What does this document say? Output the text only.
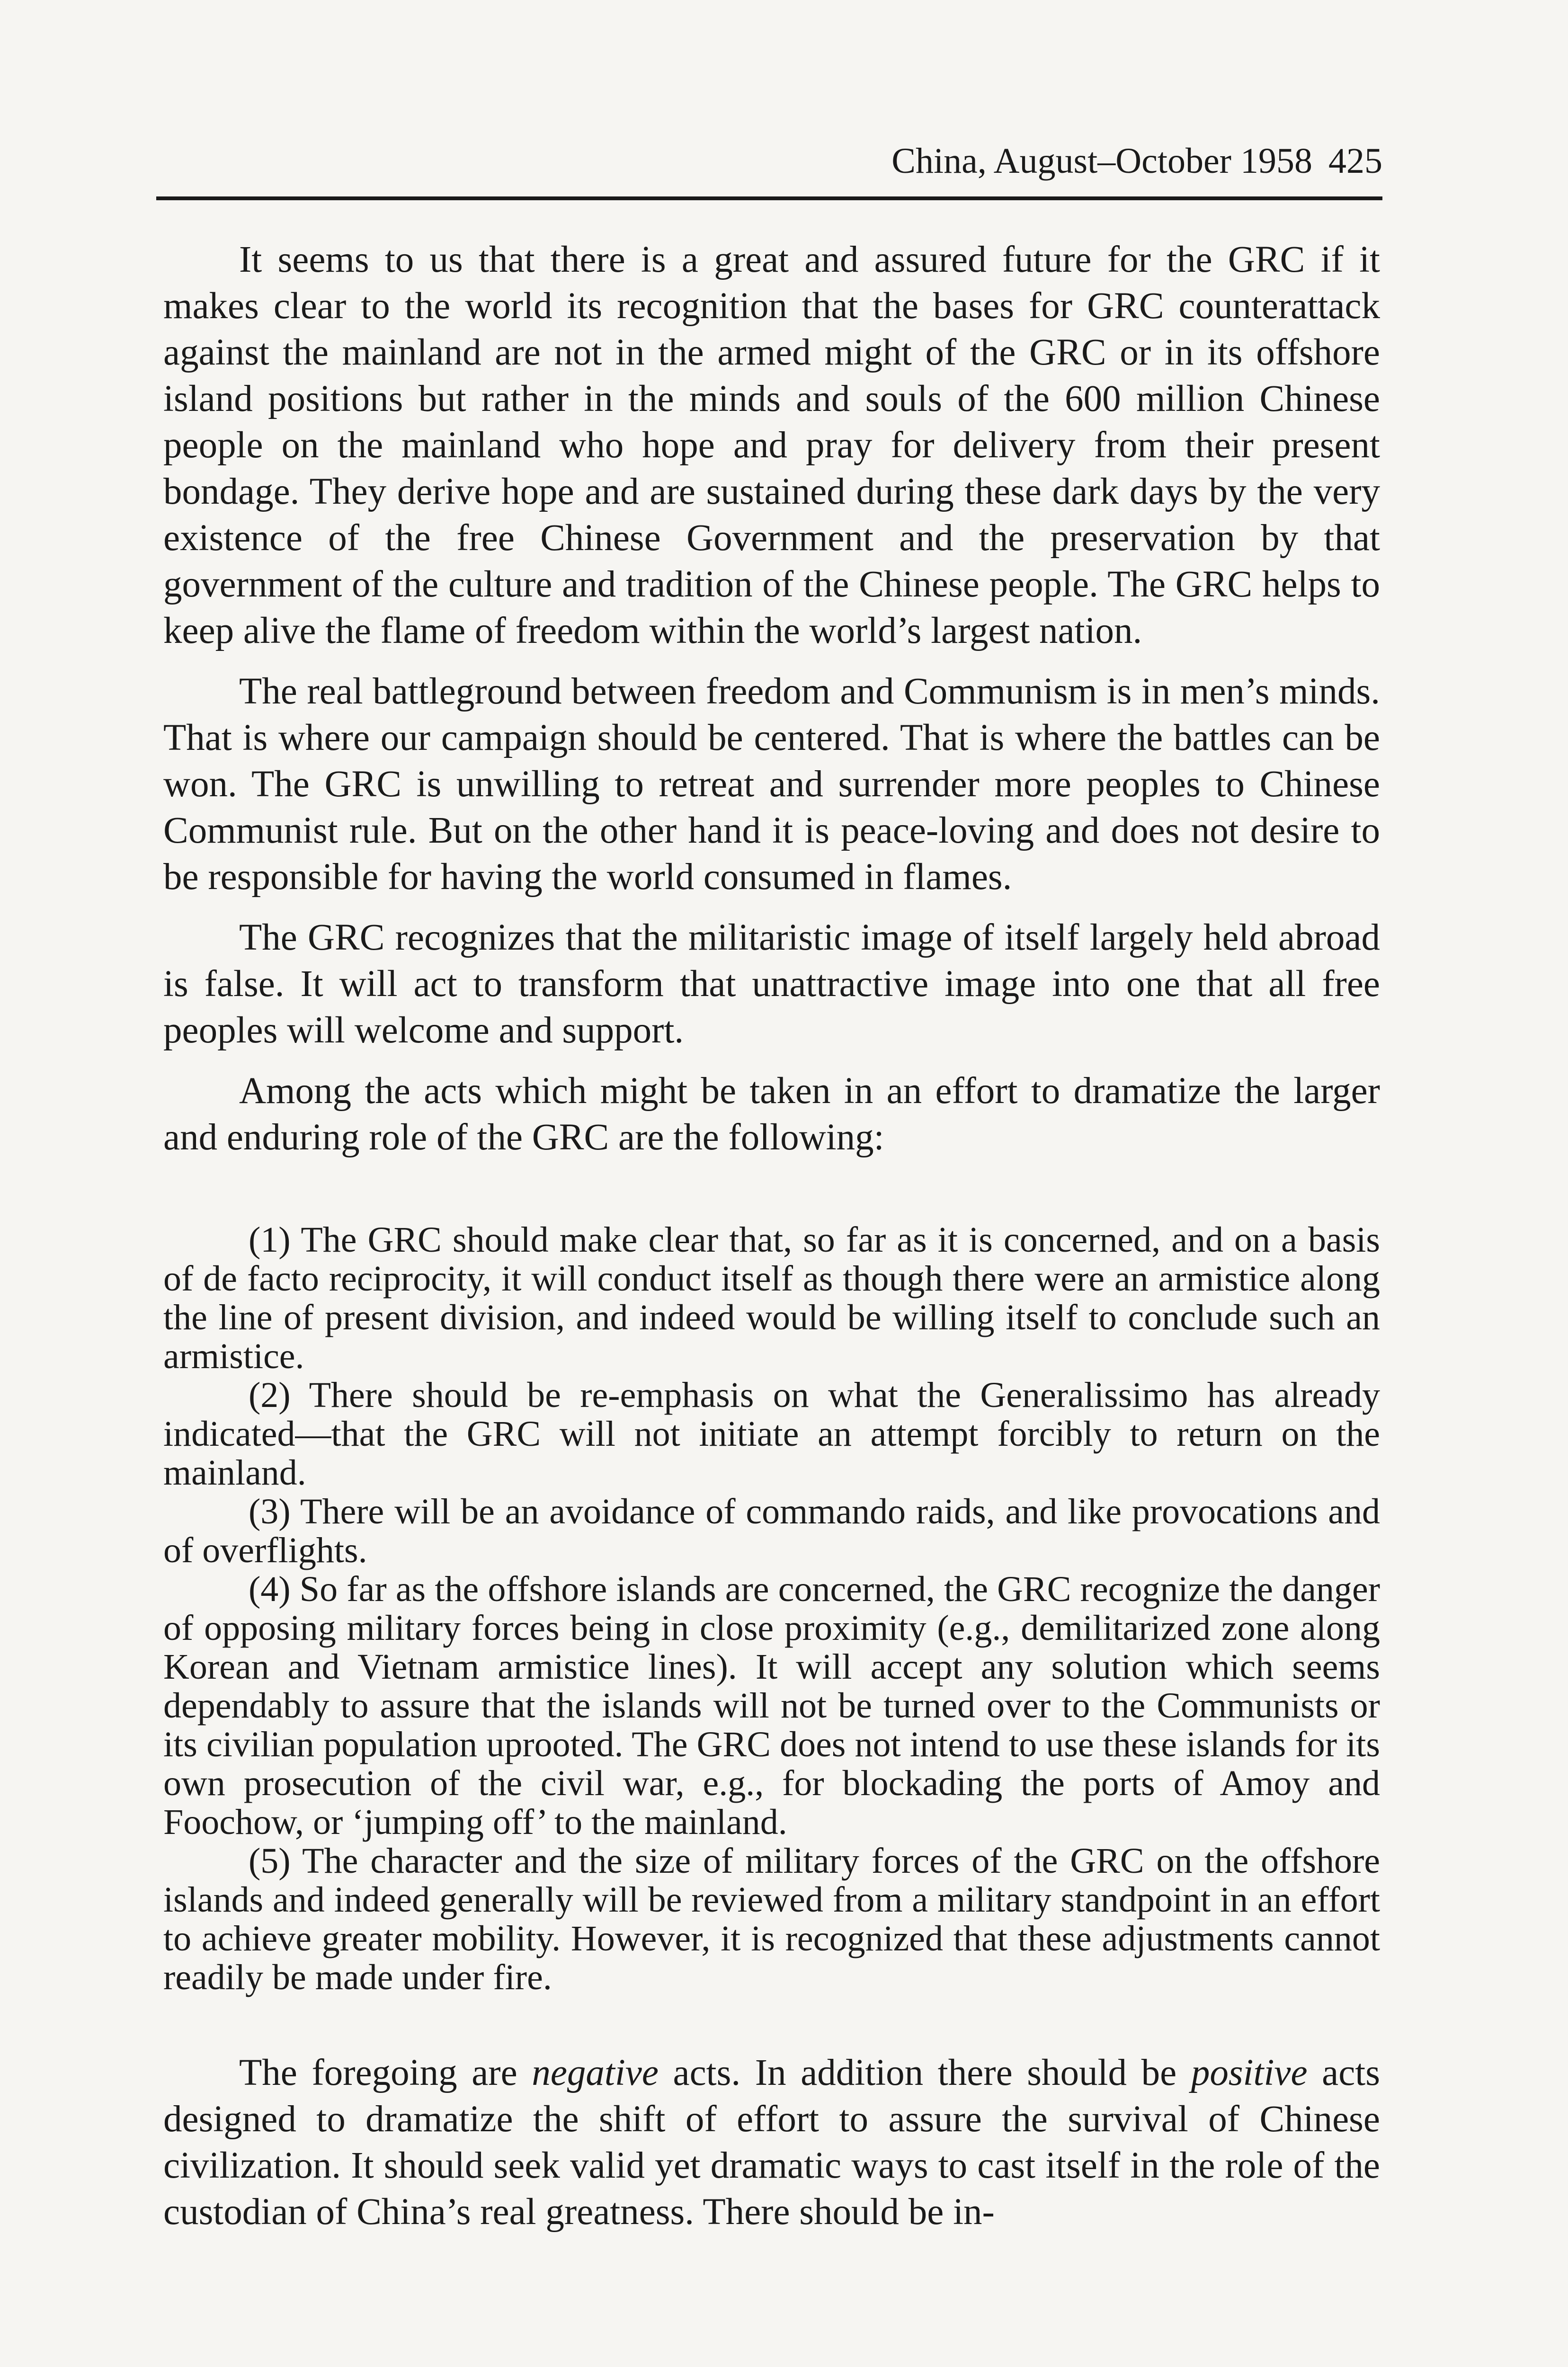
China, August–October 1958 425

It seems to us that there is a great and assured future for the GRC if it makes clear to the world its recognition that the bases for GRC counterattack against the mainland are not in the armed might of the GRC or in its offshore island positions but rather in the minds and souls of the 600 million Chinese people on the mainland who hope and pray for delivery from their present bondage. They derive hope and are sustained during these dark days by the very existence of the free Chinese Government and the preservation by that government of the culture and tradition of the Chinese people. The GRC helps to keep alive the flame of freedom within the world’s largest nation.

The real battleground between freedom and Communism is in men’s minds. That is where our campaign should be centered. That is where the battles can be won. The GRC is unwilling to retreat and surrender more peoples to Chinese Communist rule. But on the other hand it is peace-loving and does not desire to be responsible for having the world consumed in flames.

The GRC recognizes that the militaristic image of itself largely held abroad is false. It will act to transform that unattractive image into one that all free peoples will welcome and support.

Among the acts which might be taken in an effort to dramatize the larger and enduring role of the GRC are the following:

(1) The GRC should make clear that, so far as it is concerned, and on a basis of de facto reciprocity, it will conduct itself as though there were an armistice along the line of present division, and indeed would be willing itself to conclude such an armistice.

(2) There should be re-emphasis on what the Generalissimo has already indicated—that the GRC will not initiate an attempt forcibly to return on the mainland.

(3) There will be an avoidance of commando raids, and like provocations and of overflights.

(4) So far as the offshore islands are concerned, the GRC recognize the danger of opposing military forces being in close proximity (e.g., demilitarized zone along Korean and Vietnam armistice lines). It will accept any solution which seems dependably to assure that the islands will not be turned over to the Communists or its civilian population uprooted. The GRC does not intend to use these islands for its own prosecution of the civil war, e.g., for blockading the ports of Amoy and Foochow, or ‘jumping off’ to the mainland.

(5) The character and the size of military forces of the GRC on the offshore islands and indeed generally will be reviewed from a military standpoint in an effort to achieve greater mobility. However, it is recognized that these adjustments cannot readily be made under fire.

The foregoing are negative acts. In addition there should be positive acts designed to dramatize the shift of effort to assure the survival of Chinese civilization. It should seek valid yet dramatic ways to cast itself in the role of the custodian of China’s real greatness. There should be in-
